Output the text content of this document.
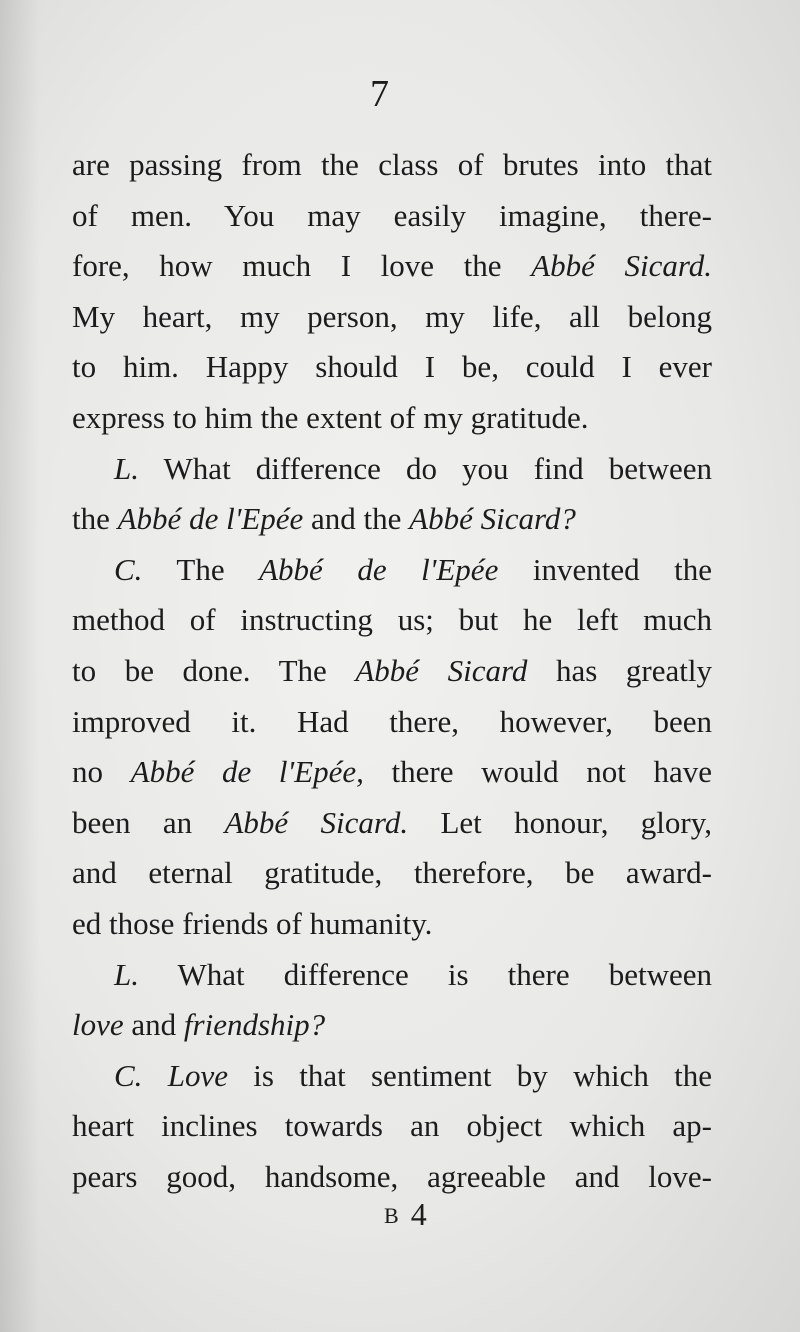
7
are passing from the class of brutes into that
of men. You may easily imagine, there-
fore, how much I love the Abbé Sicard.
My heart, my person, my life, all belong
to him. Happy should I be, could I ever
express to him the extent of my gratitude.
L. What difference do you find between
the Abbé de l'Epée and the Abbé Sicard?
C. The Abbé de l'Epée invented the
method of instructing us; but he left much
to be done. The Abbé Sicard has greatly
improved it. Had there, however, been
no Abbé de l'Epée, there would not have
been an Abbé Sicard. Let honour, glory,
and eternal gratitude, therefore, be award-
ed those friends of humanity.
L. What difference is there between
love and friendship?
C. Love is that sentiment by which the
heart inclines towards an object which ap-
pears good, handsome, agreeable and love-
B 4
